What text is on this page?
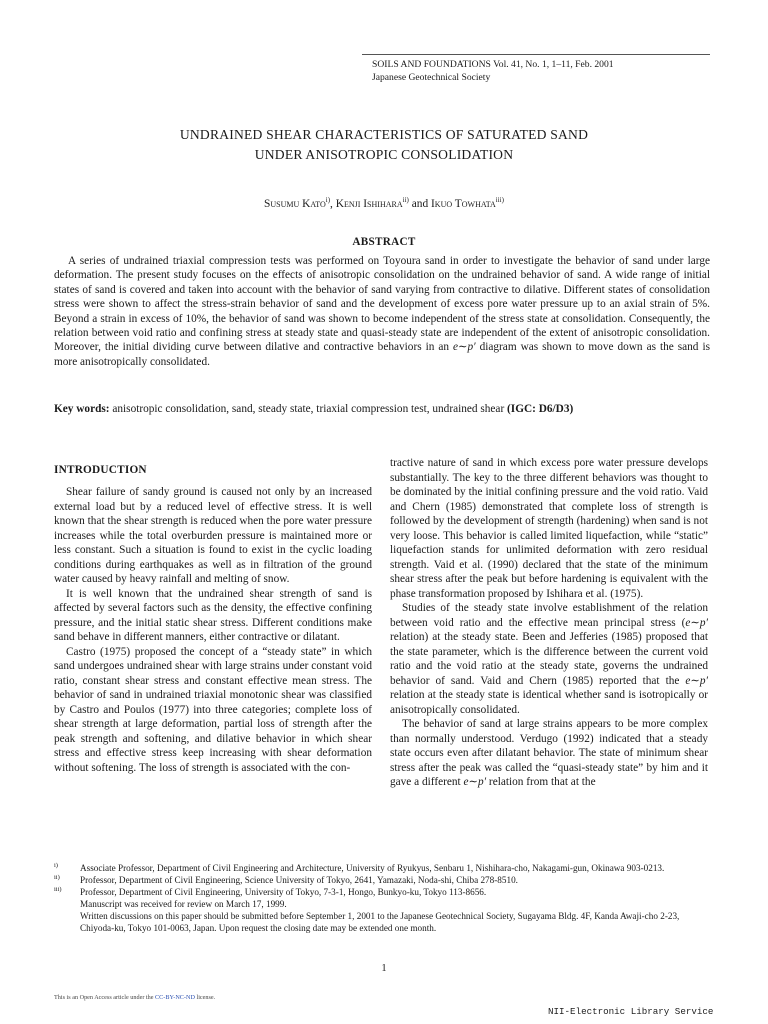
SOILS AND FOUNDATIONS Vol. 41, No. 1, 1–11, Feb. 2001
Japanese Geotechnical Society
UNDRAINED SHEAR CHARACTERISTICS OF SATURATED SAND
UNDER ANISOTROPIC CONSOLIDATION
Susumu Kato$^{i)}$, Kenji Ishihara$^{ii)}$ and Ikuo Towhata$^{iii)}$
ABSTRACT

A series of undrained triaxial compression tests was performed on Toyoura sand in order to investigate the behavior of sand under large deformation. The present study focuses on the effects of anisotropic consolidation on the undrained behavior of sand. A wide range of initial states of sand is covered and taken into account with the behavior of sand varying from contractive to dilative. Different states of consolidation stress were shown to affect the stress-strain behavior of sand and the development of excess pore water pressure up to an axial strain of 5%. Beyond a strain in excess of 10%, the behavior of sand was shown to become independent of the stress state at consolidation. Consequently, the relation between void ratio and confining stress at steady state and quasi-steady state are independent of the extent of anisotropic consolidation. Moreover, the initial dividing curve between dilative and contractive behaviors in an e∼p′ diagram was shown to move down as the sand is more anisotropically consolidated.

Key words: anisotropic consolidation, sand, steady state, triaxial compression test, undrained shear (IGC: D6/D3)

INTRODUCTION

Shear failure of sandy ground is caused not only by an increased external load but by a reduced level of effective stress. It is well known that the shear strength is reduced when the pore water pressure increases while the total overburden pressure is maintained more or less constant. Such a situation is found to exist in the cyclic loading conditions during earthquakes as well as in filtration of the ground water caused by heavy rainfall and melting of snow.

It is well known that the undrained shear strength of sand is affected by several factors such as the density, the effective confining pressure, and the initial static shear stress. Different conditions make sand behave in different manners, either contractive or dilatant.

Castro (1975) proposed the concept of a “steady state” in which sand undergoes undrained shear with large strains under constant void ratio, constant shear stress and constant effective mean stress. The behavior of sand in undrained triaxial monotonic shear was classified by Castro and Poulos (1977) into three categories; complete loss of shear strength at large deformation, partial loss of strength after the peak strength and softening, and dilative behavior in which shear stress and effective stress keep increasing with shear deformation without softening. The loss of strength is associated with the con-

tractive nature of sand in which excess pore water pressure develops substantially. The key to the three different behaviors was thought to be dominated by the initial confining pressure and the void ratio. Vaid and Chern (1985) demonstrated that complete loss of strength is followed by the development of strength (hardening) when sand is not very loose. This behavior is called limited liquefaction, while “static” liquefaction stands for unlimited deformation with zero residual strength. Vaid et al. (1990) declared that the state of the minimum shear stress after the peak but before hardening is equivalent with the phase transformation proposed by Ishihara et al. (1975).

Studies of the steady state involve establishment of the relation between void ratio and the effective mean principal stress (e∼p′ relation) at the steady state. Been and Jefferies (1985) proposed that the state parameter, which is the difference between the current void ratio and the void ratio at the steady state, governs the undrained behavior of sand. Vaid and Chern (1985) reported that the e∼p′ relation at the steady state is identical whether sand is isotropically or anisotropically consolidated.

The behavior of sand at large strains appears to be more complex than normally understood. Verdugo (1992) indicated that a steady state occurs even after dilatant behavior. The state of minimum shear stress after the peak was called the “quasi-steady state” by him and it gave a different e∼p′ relation from that at the

i) Associate Professor, Department of Civil Engineering and Architecture, University of Ryukyus, Senbaru 1, Nishihara-cho, Nakagami-gun, Okinawa 903-0213.
ii) Professor, Department of Civil Engineering, Science University of Tokyo, 2641, Yamazaki, Noda-shi, Chiba 278-8510.
iii) Professor, Department of Civil Engineering, University of Tokyo, 7-3-1, Hongo, Bunkyo-ku, Tokyo 113-8656.
Manuscript was received for review on March 17, 1999.
Written discussions on this paper should be submitted before September 1, 2001 to the Japanese Geotechnical Society, Sugayama Bldg. 4F, Kanda Awaji-cho 2-23, Chiyoda-ku, Tokyo 101-0063, Japan. Upon request the closing date may be extended one month.
1
This is an Open Access article under the CC-BY-NC-ND license.
NII-Electronic Library Service
